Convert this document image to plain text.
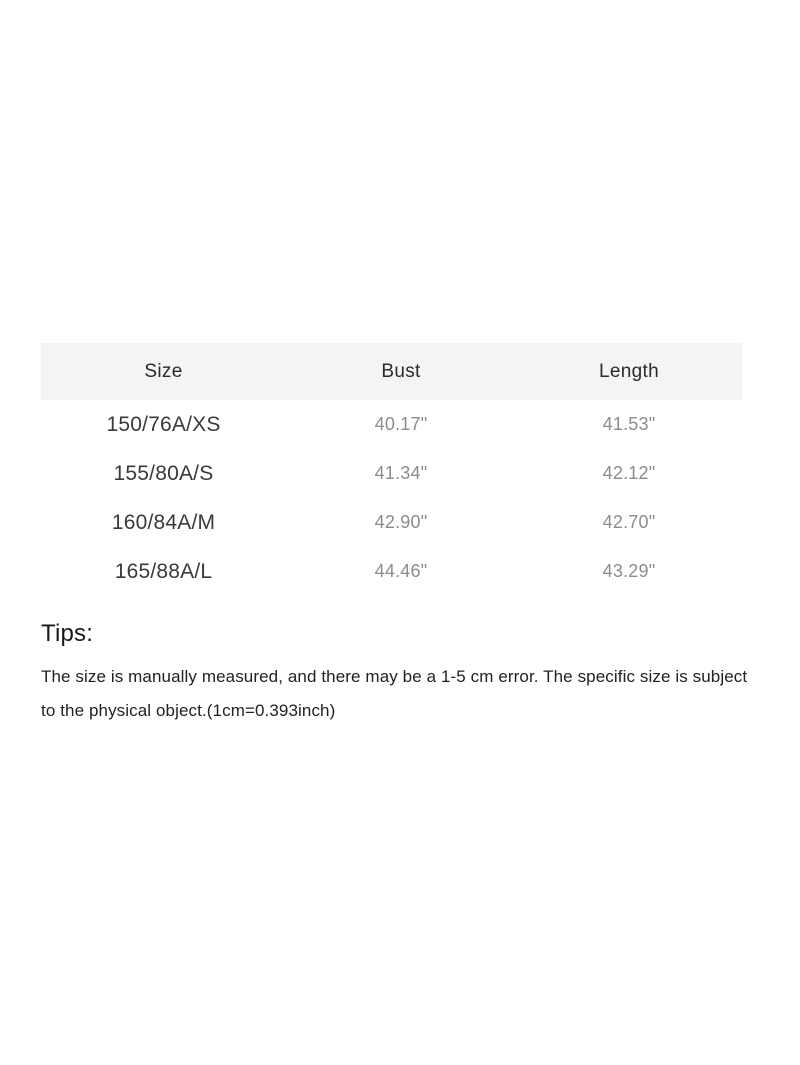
Size	Bust	Length
150/76A/XS	40.17"	41.53"
155/80A/S	41.34"	42.12"
160/84A/M	42.90"	42.70"
165/88A/L	44.46"	43.29"

Tips:

The size is manually measured, and there may be a 1-5 cm error. The specific size is subject to the physical object.(1cm=0.393inch)
